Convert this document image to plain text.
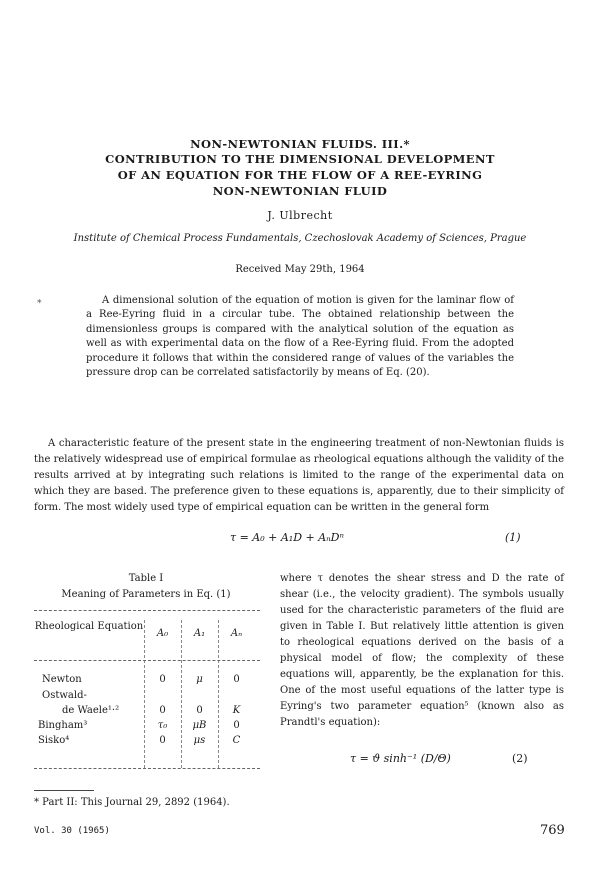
NON-NEWTONIAN FLUIDS. III.*
CONTRIBUTION TO THE DIMENSIONAL DEVELOPMENT
OF AN EQUATION FOR THE FLOW OF A REE-EYRING
NON-NEWTONIAN FLUID
J. Ulbrecht
Institute of Chemical Process Fundamentals, Czechoslovak Academy of Sciences, Prague
Received May 29th, 1964
*	A dimensional solution of the equation of motion is given for the laminar flow of a Ree-Eyring fluid in a circular tube. The obtained relationship between the dimensionless groups is compared with the analytical solution of the equation as well as with experimental data on the flow of a Ree-Eyring fluid. From the adopted procedure it follows that within the considered range of values of the variables the pressure drop can be correlated satisfactorily by means of Eq. (20).

A characteristic feature of the present state in the engineering treatment of non-Newtonian fluids is the relatively widespread use of empirical formulae as rheological equations although the validity of the results arrived at by integrating such relations is limited to the range of the experimental data on which they are based. The preference given to these equations is, apparently, due to their simplicity of form. The most widely used type of empirical equation can be written in the general form

τ = A₀ + A₁D + AₙDⁿ	(1)
Table I
Meaning of Parameters in Eq. (1)
Rheological Equation
A₀	A₁	Aₙ
Newton	0	μ	0
Ostwald-
de Waele¹·²	0	0	K
Bingham³	τ₀	μB	0
Sisko⁴	0	μs	C

where τ denotes the shear stress and D the rate of shear (i.e., the velocity gradient). The symbols usually used for the characteristic parameters of the fluid are given in Table I. But relatively little attention is given to rheological equations derived on the basis of a physical model of flow; the complexity of these equations will, apparently, be the explanation for this. One of the most useful equations of the latter type is Eyring's two parameter equation⁵ (known also as Prandtl's equation):

τ = ϑ sinh⁻¹ (D/Θ)	(2)
* Part II: This Journal 29, 2892 (1964).
Vol. 30 (1965)	769
